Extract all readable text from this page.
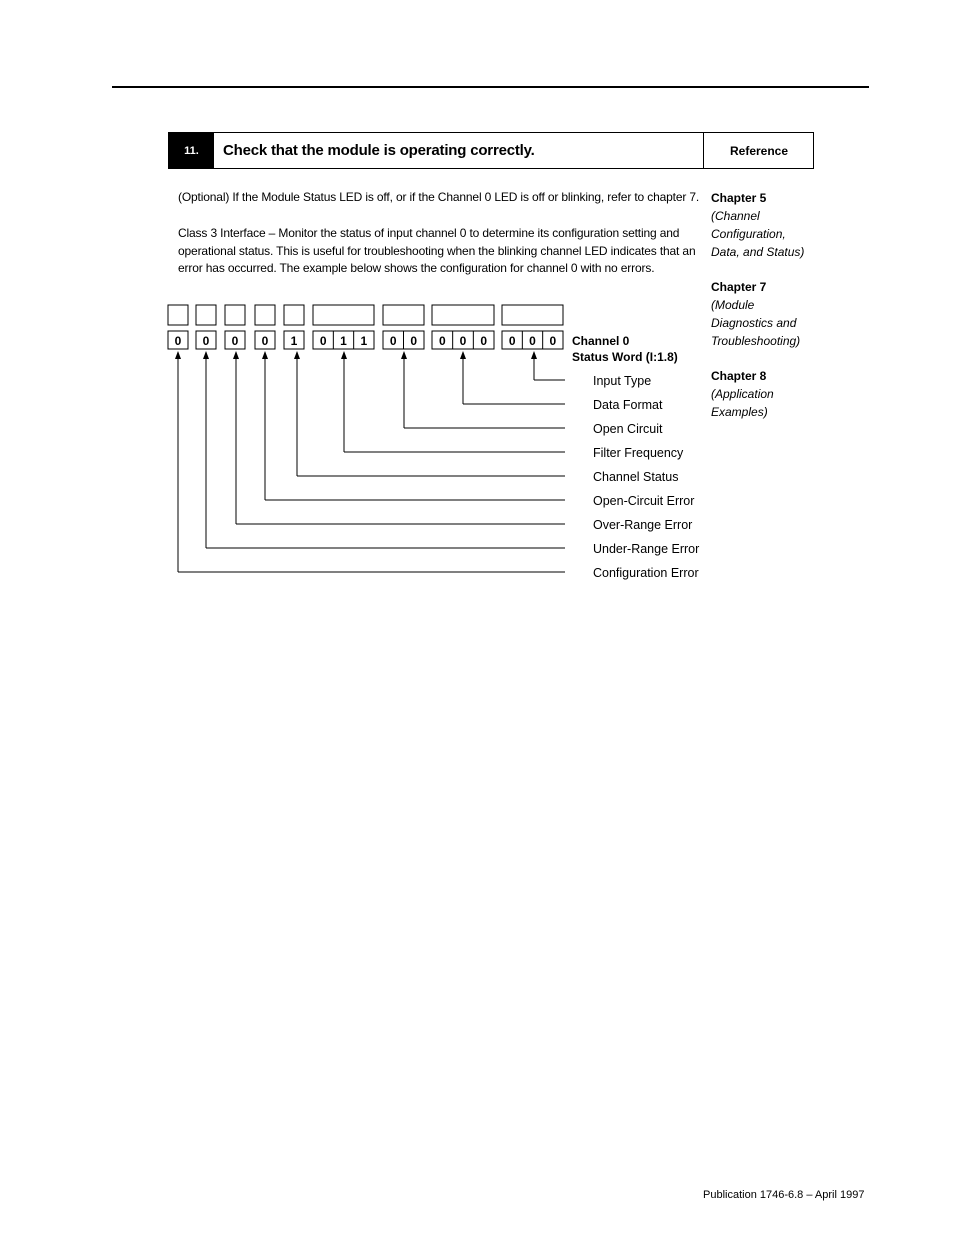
11.	Check that the module is operating correctly.	Reference
(Optional) If the Module Status LED is off, or if the Channel 0 LED is off or blinking, refer to chapter 7.
Class 3 Interface – Monitor the status of input channel 0 to determine its configuration setting and
operational status. This is useful for troubleshooting when the blinking channel LED indicates that an
error has occurred. The example below shows the configuration for channel 0 with no errors.
Chapter 5
(Channel
Configuration,
Data, and Status)
Chapter 7
(Module
Diagnostics and
Troubleshooting)
Chapter 8
(Application
Examples)
0 0 0 0 1 0 1 1 0 0 0 0 0 0 0 0
Input Type
Data Format
Open Circuit
Filter Frequency
Channel Status
Open-Circuit Error
Over-Range Error
Under-Range Error
Configuration Error
Channel 0
Status Word (I:1.8)
Publication 1746-6.8 – April 1997
